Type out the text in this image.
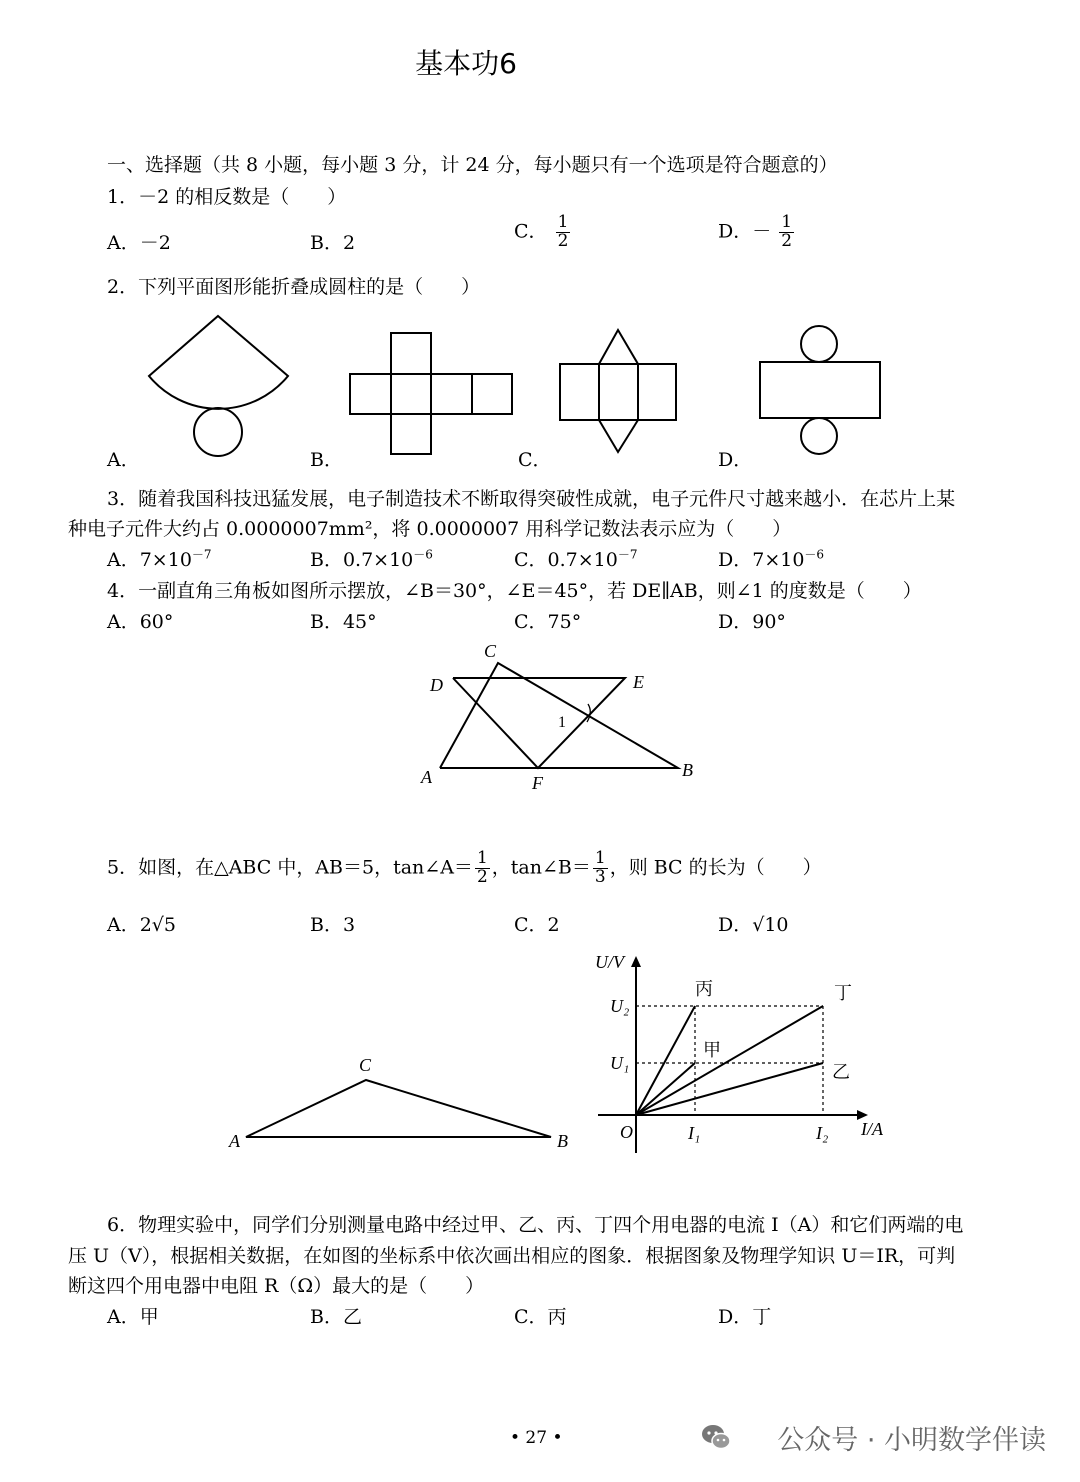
基本功6
一、选择题（共 8 小题，每小题 3 分，计 24 分，每小题只有一个选项是符合题意的）
1．－2 的相反数是（　　）
A．－2	B．2
C． $\frac{1}{2}$	D．－ $\frac{1}{2}$
2．下列平面图形能折叠成圆柱的是（　　）
A．	B．	C．	D．
3．随着我国科技迅猛发展，电子制造技术不断取得突破性成就，电子元件尺寸越来越小．在芯片上某
种电子元件大约占 0.0000007mm²，将 0.0000007 用科学记数法表示应为（　　）
A．$7\times 10^{-7}$	B．$0.7\times 10^{-6}$	C．$0.7\times 10^{-7}$	D．$7\times 10^{-6}$
4．一副直角三角板如图所示摆放，∠B＝30°，∠E＝45°，若 DE∥AB，则∠1 的度数是（　　）
A．60°	B．45°	C．75°	D．90°
C
D	E
A	F
B
1
5．如图，在△ABC 中，AB＝5，tan∠A＝ $\frac{1}{2}$ ，tan∠B＝ $\frac{1}{3}$ ，则 BC 的长为（　　）
A．2√5	B．3	C．2	D．√10
C
A	B
U/V
I/A
O
U₂
U₁
I₁	I₂
丙	丁
甲
乙
6．物理实验中，同学们分别测量电路中经过甲、乙、丙、丁四个用电器的电流 I（A）和它们两端的电
压 U（V），根据相关数据，在如图的坐标系中依次画出相应的图象．根据图象及物理学知识 U＝IR，可判
断这四个用电器中电阻 R（Ω）最大的是（　　）
A．甲	B．乙	C．丙	D．丁
• 27 •	公众号 · 小明数学伴读
